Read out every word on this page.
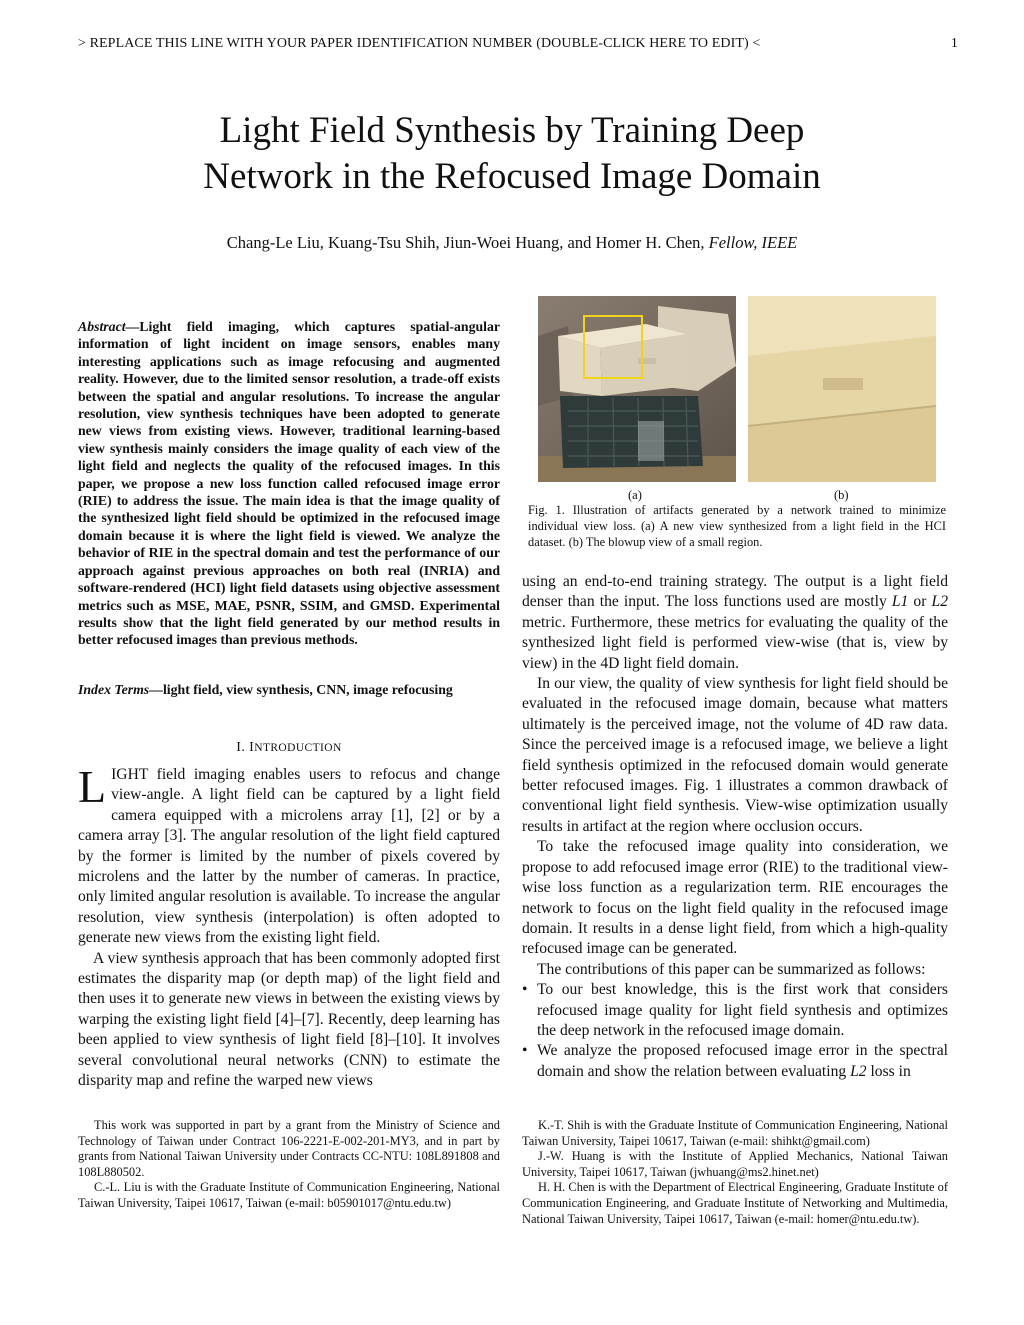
> REPLACE THIS LINE WITH YOUR PAPER IDENTIFICATION NUMBER (DOUBLE-CLICK HERE TO EDIT) <	1
Light Field Synthesis by Training Deep
Network in the Refocused Image Domain
Chang-Le Liu, Kuang-Tsu Shih, Jiun-Woei Huang, and Homer H. Chen, Fellow, IEEE
Abstract—Light field imaging, which captures spatial-angular information of light incident on image sensors, enables many interesting applications such as image refocusing and augmented reality. However, due to the limited sensor resolution, a trade-off exists between the spatial and angular resolutions. To increase the angular resolution, view synthesis techniques have been adopted to generate new views from existing views. However, traditional learning-based view synthesis mainly considers the image quality of each view of the light field and neglects the quality of the refocused images. In this paper, we propose a new loss function called refocused image error (RIE) to address the issue. The main idea is that the image quality of the synthesized light field should be optimized in the refocused image domain because it is where the light field is viewed. We analyze the behavior of RIE in the spectral domain and test the performance of our approach against previous approaches on both real (INRIA) and software-rendered (HCI) light field datasets using objective assessment metrics such as MSE, MAE, PSNR, SSIM, and GMSD. Experimental results show that the light field generated by our method results in better refocused images than previous methods.
Index Terms—light field, view synthesis, CNN, image refocusing
I. INTRODUCTION

LIGHT field imaging enables users to refocus and change view-angle. A light field can be captured by a light field camera equipped with a microlens array [1], [2] or by a camera array [3]. The angular resolution of the light field captured by the former is limited by the number of pixels covered by microlens and the latter by the number of cameras. In practice, only limited angular resolution is available. To increase the angular resolution, view synthesis (interpolation) is often adopted to generate new views from the existing light field.

A view synthesis approach that has been commonly adopted first estimates the disparity map (or depth map) of the light field and then uses it to generate new views in between the existing views by warping the existing light field [4]–[7]. Recently, deep learning has been applied to view synthesis of light field [8]–[10]. It involves several convolutional neural networks (CNN) to estimate the disparity map and refine the warped new views

(a)	(b)
Fig. 1. Illustration of artifacts generated by a network trained to minimize individual view loss. (a) A new view synthesized from a light field in the HCI dataset. (b) The blowup view of a small region.

using an end-to-end training strategy. The output is a light field denser than the input. The loss functions used are mostly L1 or L2 metric. Furthermore, these metrics for evaluating the quality of the synthesized light field is performed view-wise (that is, view by view) in the 4D light field domain.

In our view, the quality of view synthesis for light field should be evaluated in the refocused image domain, because what matters ultimately is the perceived image, not the volume of 4D raw data. Since the perceived image is a refocused image, we believe a light field synthesis optimized in the refocused domain would generate better refocused images. Fig. 1 illustrates a common drawback of conventional light field synthesis. View-wise optimization usually results in artifact at the region where occlusion occurs.

To take the refocused image quality into consideration, we propose to add refocused image error (RIE) to the traditional view-wise loss function as a regularization term. RIE encourages the network to focus on the light field quality in the refocused image domain. It results in a dense light field, from which a high-quality refocused image can be generated.

The contributions of this paper can be summarized as follows:

• To our best knowledge, this is the first work that considers refocused image quality for light field synthesis and optimizes the deep network in the refocused image domain.
• We analyze the proposed refocused image error in the spectral domain and show the relation between evaluating L2 loss in

This work was supported in part by a grant from the Ministry of Science and Technology of Taiwan under Contract 106-2221-E-002-201-MY3, and in part by grants from National Taiwan University under Contracts CC-NTU: 108L891808 and 108L880502.

C.-L. Liu is with the Graduate Institute of Communication Engineering, National Taiwan University, Taipei 10617, Taiwan (e-mail: b05901017@ntu.edu.tw)

K.-T. Shih is with the Graduate Institute of Communication Engineering, National Taiwan University, Taipei 10617, Taiwan (e-mail: shihkt@gmail.com)

J.-W. Huang is with the Institute of Applied Mechanics, National Taiwan University, Taipei 10617, Taiwan (jwhuang@ms2.hinet.net)

H. H. Chen is with the Department of Electrical Engineering, Graduate Institute of Communication Engineering, and Graduate Institute of Networking and Multimedia, National Taiwan University, Taipei 10617, Taiwan (e-mail: homer@ntu.edu.tw).
